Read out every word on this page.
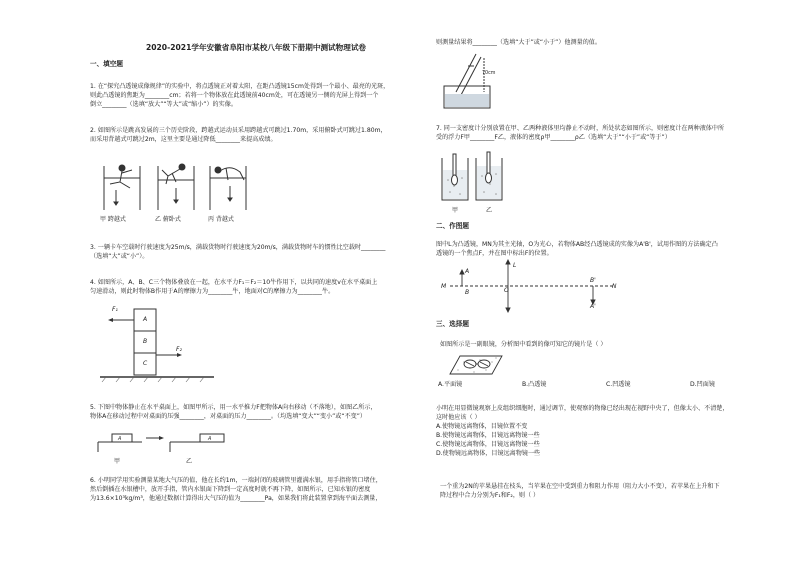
2020-2021学年安徽省阜阳市某校八年级下册期中测试物理试卷
一、填空题
1. 在“探究凸透镜成像规律”的实验中，将点透镜正对着太阳，在距凸透镜15cm处得到一个最小、最亮的光斑，
则此凸透镜的焦距为________cm；若将一个物体放在此透镜前40cm处，可在透镜另一侧的光屏上得到一个
倒立________（选填“放大”“等大”或“缩小”）的实像。
2. 如图所示是跳高发展的三个历史阶段，跨越式运动员采用跨越式可跳过1.70m，采用俯卧式可跳过1.80m，
而采用背越式可跳过2m，这里主要是通过降低________来提高成绩。
甲 跨越式	乙 俯卧式	丙 背越式
3. 一辆卡车空载时行驶速度为25m/s，满载货物时行驶速度为20m/s，满载货物时车的惯性比空载时________
（选填“大”或“小”）。
4. 如图所示，A、B、C三个物体叠放在一起，在水平力F₁＝F₂＝10牛作用下，以共同的速度v在水平桌面上
匀速滑动，则此时物体B作用于A的摩擦力为________牛，地面对C的摩擦力为________牛。
A
B
C
F₁
F₂
5. 下图中物体静止在水平桌面上，如图甲所示，用一水平推力F把物体A向右移动（不落地），如图乙所示，
物体A在移动过程中对桌面的压强________，对桌面的压力________。（均选填“变大”“变小”或“不变”）
A	A
甲	乙
6. 小明同学用实验测量某地大气压的值，他在长约1m，一端封闭的玻璃管里灌满水银，用手指将管口堵住，
然后倒插在水银槽中，放开手指，管内水银面下降到一定高度时就不再下降，如图所示，已知水银的密度
为13.6×10³kg/m³，他通过数据计算得出大气压的值为________Pa，如果我们将此装置拿到海平面去测量，
则测量结果将________（选填“大于”或“小于”）他测量的值。
70cm
7. 同一支密度计分别放置在甲、乙两种液体里均静止不动时，所处状态如图所示，则密度计在两种液体中所
受的浮力F甲________F乙，液体的密度ρ甲________ρ乙（选填“大于”“小于”或“等于”）
甲	乙
二、作图题
图中L为凸透镜，MN为其主光轴，O为光心，若物体AB经凸透镜成的实像为A'B'，试用作图的方法确定凸
透镜的一个焦点F，并在图中标出F的位置。
M	N
O
L
A
B
B'
A'
三、选择题
如图所示是一副眼镜，分析图中看到的像可知它的镜片是（ ）
A.平面镜	B.凸透镜	C.凹透镜	D.凹面镜
小明在用显微镜观察上皮组织细胞时，通过调节，使观察的物像已经出现在视野中央了，但像太小、不清楚，
这时他应该（ ）
A.使物镜远离物体，目镜位置不变
B.使物镜远离物体，目镜远离物镜一些
C.使物镜远离物体，目镜远离物镜一些
D.使物镜远离物体，目镜远离物镜一些
一个重为2N的苹果悬挂在枝头，当苹果在空中受到重力和阻力作用（阻力大小不变），若苹果在上升和下
降过程中合力分别为F₁和F₂，则（ ）
